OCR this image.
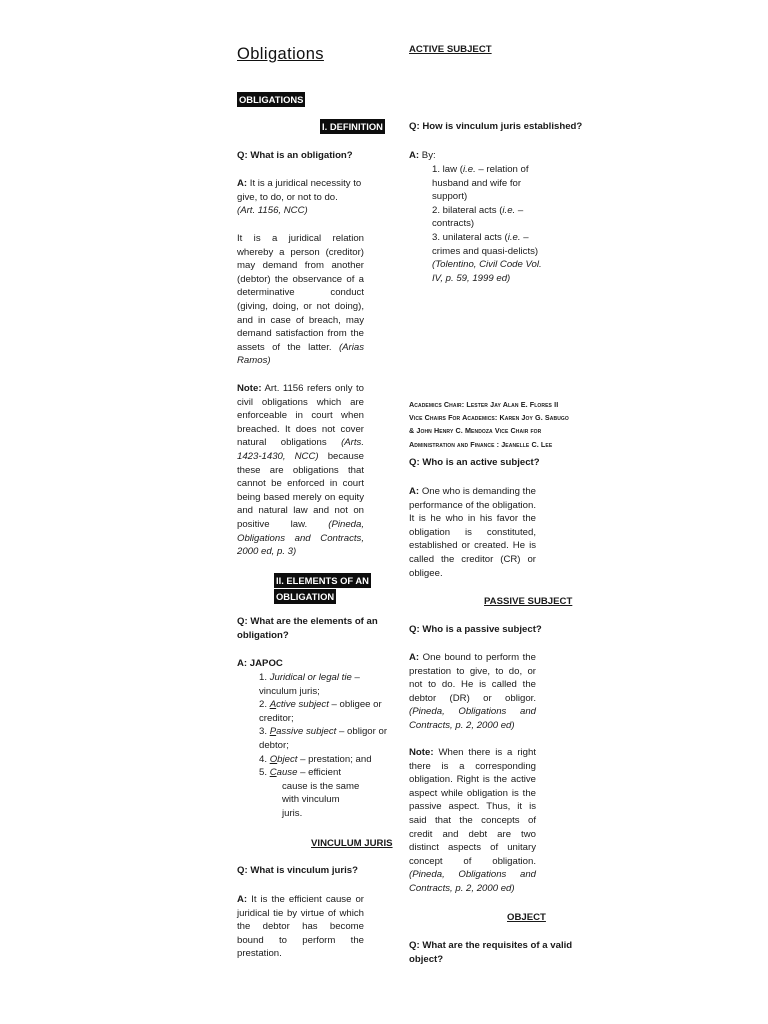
Obligations	ACTIVE SUBJECT
OBLIGATIONS
I. DEFINITION

Q: What is an obligation?

A: It is a juridical necessity to give, to do, or not to do.
(Art. 1156, NCC)
It is a juridical relation whereby a person (creditor) may demand from another (debtor) the observance of a determinative conduct (giving, doing, or not doing), and in case of breach, may demand satisfaction from the assets of the latter. (Arias Ramos)
Note: Art. 1156 refers only to civil obligations which are enforceable in court when breached. It does not cover natural obligations (Arts. 1423-1430, NCC) because these are obligations that cannot be enforced in court being based merely on equity and natural law and not on positive law. (Pineda, Obligations and Contracts, 2000 ed, p. 3)
II. ELEMENTS OF AN
OBLIGATION

Q: What are the elements of an obligation?

A: JAPOC

1. Juridical or legal tie – vinculum juris;
2. Active subject – obligee or creditor;
3. Passive subject – obligor or debtor;
4. Object – prestation; and
5. Cause – efficient
cause is the same with vinculum juris.
VINCULUM JURIS

Q: What is vinculum juris?

A: It is the efficient cause or juridical tie by virtue of which the debtor has become bound to perform the prestation.

Q: How is vinculum juris established?

A: By:

1. law (i.e. – relation of husband and wife for support)
2. bilateral acts (i.e. – contracts)
3. unilateral acts (i.e. – crimes and quasi-delicts)(Tolentino, Civil Code Vol. IV, p. 59, 1999 ed)
Academics Chair: Lester Jay Alan E. Flores II Vice Chairs For Academics: Karen Joy G. Sabugo & John Henry C. Mendoza Vice Chair for Administration and Finance : Jeanelle C. Lee

Q: Who is an active subject?

A: One who is demanding the performance of the obligation. It is he who in his favor the obligation is constituted, established or created. He is called the creditor (CR) or obligee.
PASSIVE SUBJECT

Q: Who is a passive subject?

A: One bound to perform the prestation to give, to do, or not to do. He is called the debtor (DR) or obligor. (Pineda, Obligations and Contracts, p. 2, 2000 ed)
Note: When there is a right there is a corresponding obligation. Right is the active aspect while obligation is the passive aspect. Thus, it is said that the concepts of credit and debt are two distinct aspects of unitary concept of obligation. (Pineda, Obligations and Contracts, p. 2, 2000 ed)
OBJECT

Q: What are the requisites of a valid object?
